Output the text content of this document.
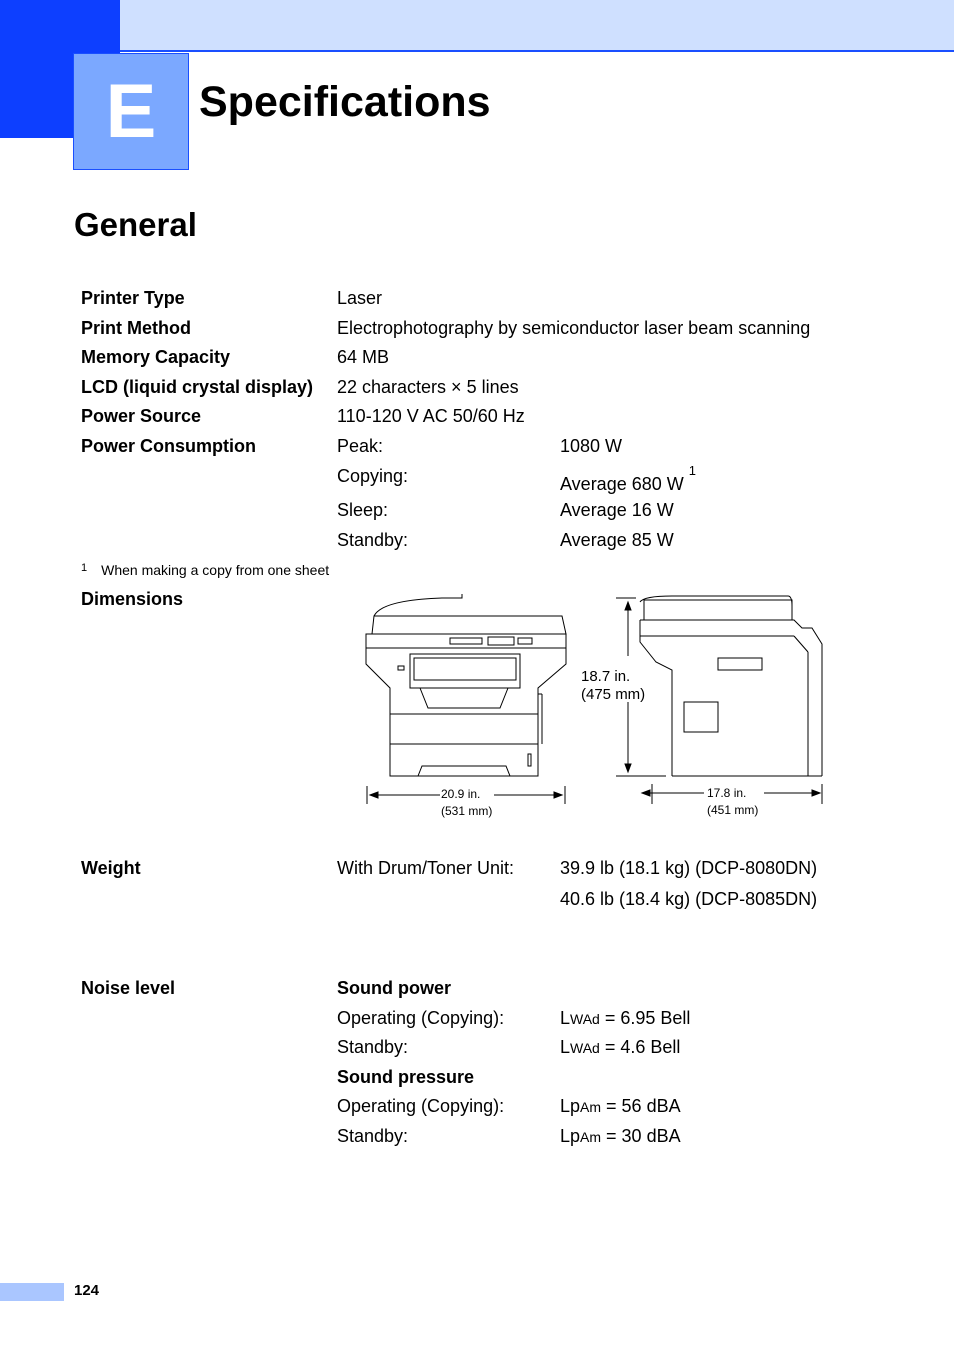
E Specifications
General
Printer Type	Laser
Print Method	Electrophotography by semiconductor laser beam scanning
Memory Capacity	64 MB
LCD (liquid crystal display) 22 characters × 5 lines
Power Source	110-120 V AC 50/60 Hz
Power Consumption	Peak:	1080 W
Copying:	Average 680 W $^1$
Sleep:	Average 16 W
Standby:	Average 85 W
$^1$ When making a copy from one sheet
Dimensions
18.7 in.
(475 mm)
20.9 in.
(531 mm)
17.8 in.
(451 mm)
Weight	With Drum/Toner Unit:	39.9 lb (18.1 kg) (DCP-8080DN)
40.6 lb (18.4 kg) (DCP-8085DN)
Noise level	Sound power
Operating (Copying):	LWAd = 6.95 Bell
Standby:	LWAd = 4.6 Bell
Sound pressure
Operating (Copying):	LpAm = 56 dBA
Standby:	LpAm = 30 dBA
124
